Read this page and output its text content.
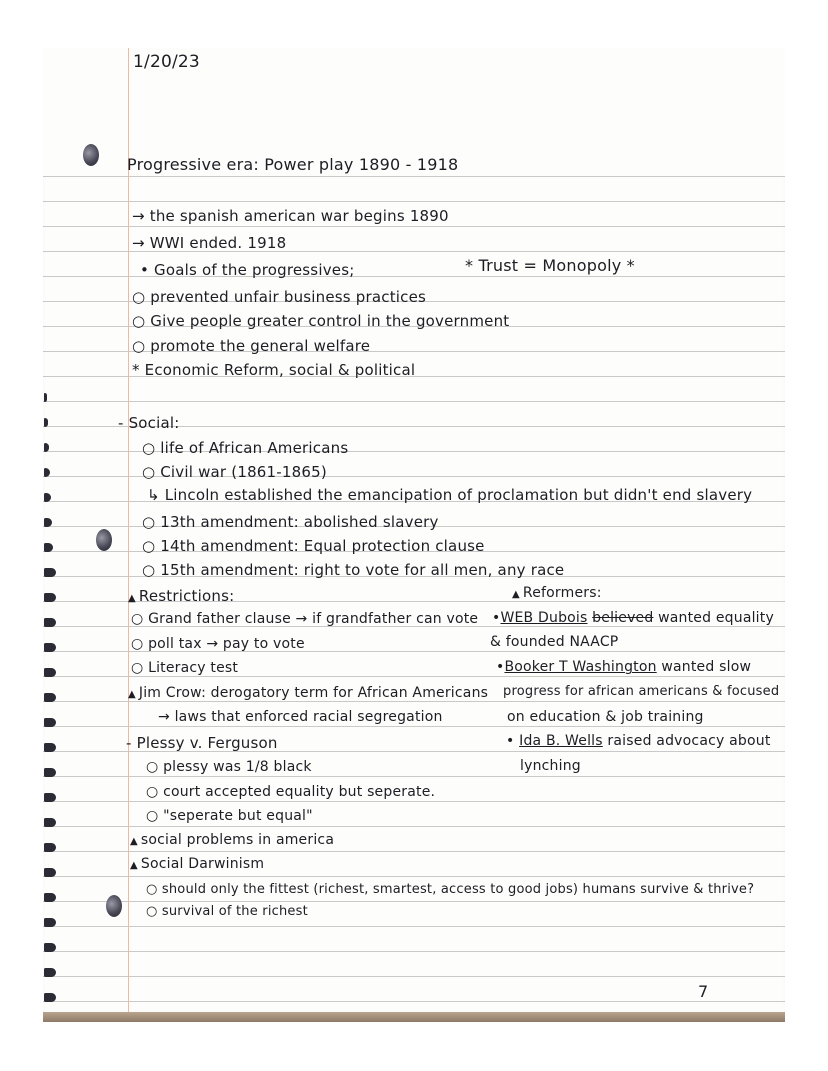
1/20/23
Progressive era: Power play 1890 - 1918
→ the spanish american war begins 1890
→ WWI ended. 1918
• Goals of the progressives;
○ prevented unfair business practices
○ Give people greater control in the government
○ promote the general welfare
* Economic Reform, social & political
* Trust = Monopoly *
- Social:
○ life of African Americans
○ Civil war (1861-1865)
↳ Lincoln established the emancipation of proclamation but didn't end slavery
○ 13th amendment: abolished slavery
○ 14th amendment: Equal protection clause
○ 15th amendment: right to vote for all men, any race
▲ Restrictions:
○ Grand father clause → if grandfather can vote
○ poll tax → pay to vote
○ Literacy test
▲ Jim Crow: derogatory term for African Americans
→ laws that enforced racial segregation
- Plessy v. Ferguson
○ plessy was 1/8 black
○ court accepted equality but seperate.
○ "seperate but equal"
▲ social problems in america
▲ Social Darwinism
○ should only the fittest (richest, smartest, access to good jobs) humans survive & thrive?
○ survival of the richest
▲ Reformers:
•WEB Dubois believed wanted equality
& founded NAACP
•Booker T Washington wanted slow
progress for african americans & focused
on education & job training
• Ida B. Wells raised advocacy about
lynching
7
